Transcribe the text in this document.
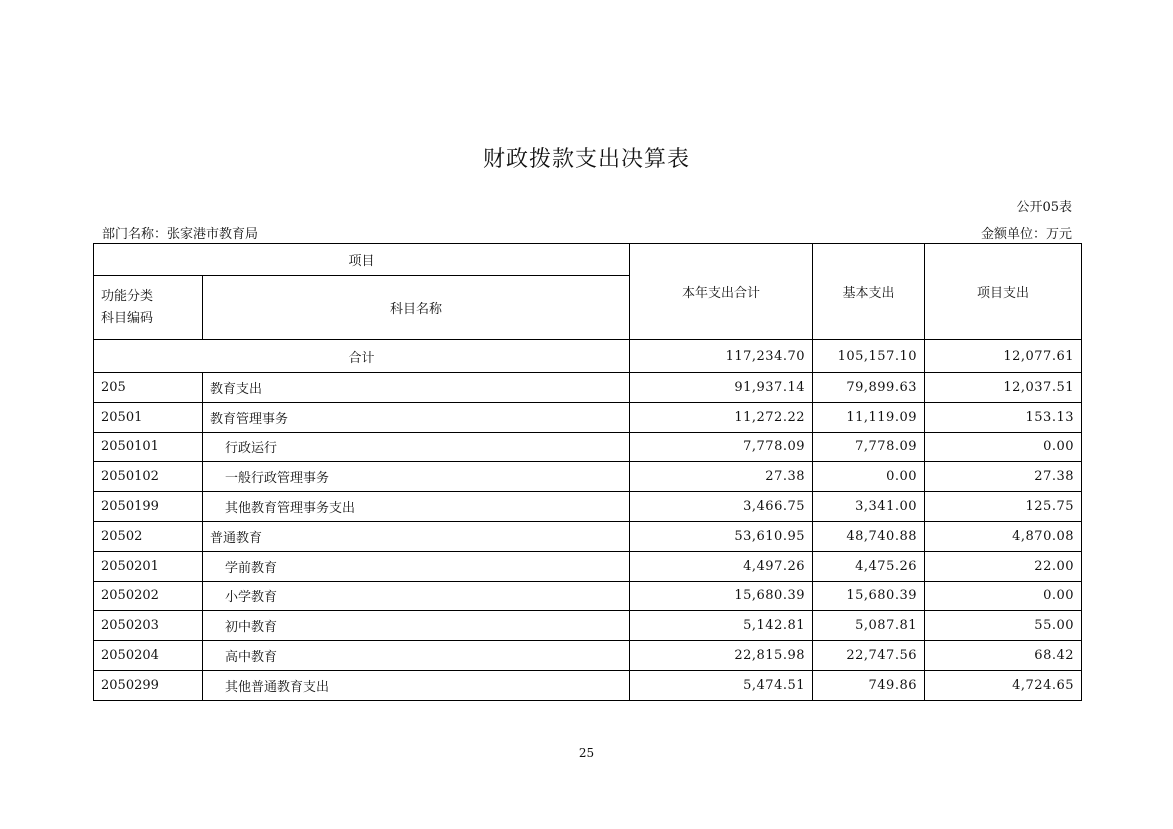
财政拨款支出决算表
公开05表
部门名称：张家港市教育局	金额单位：万元
项目		本年支出合计	基本支出	项目支出
功能分类
科目编码	科目名称			
合计		117,234.70	105,157.10	12,077.61
205	教育支出	91,937.14	79,899.63	12,037.51
20501	教育管理事务	11,272.22	11,119.09	153.13
2050101	行政运行	7,778.09	7,778.09	0.00
2050102	一般行政管理事务	27.38	0.00	27.38
2050199	其他教育管理事务支出	3,466.75	3,341.00	125.75
20502	普通教育	53,610.95	48,740.88	4,870.08
2050201	学前教育	4,497.26	4,475.26	22.00
2050202	小学教育	15,680.39	15,680.39	0.00
2050203	初中教育	5,142.81	5,087.81	55.00
2050204	高中教育	22,815.98	22,747.56	68.42
2050299	其他普通教育支出	5,474.51	749.86	4,724.65
25
